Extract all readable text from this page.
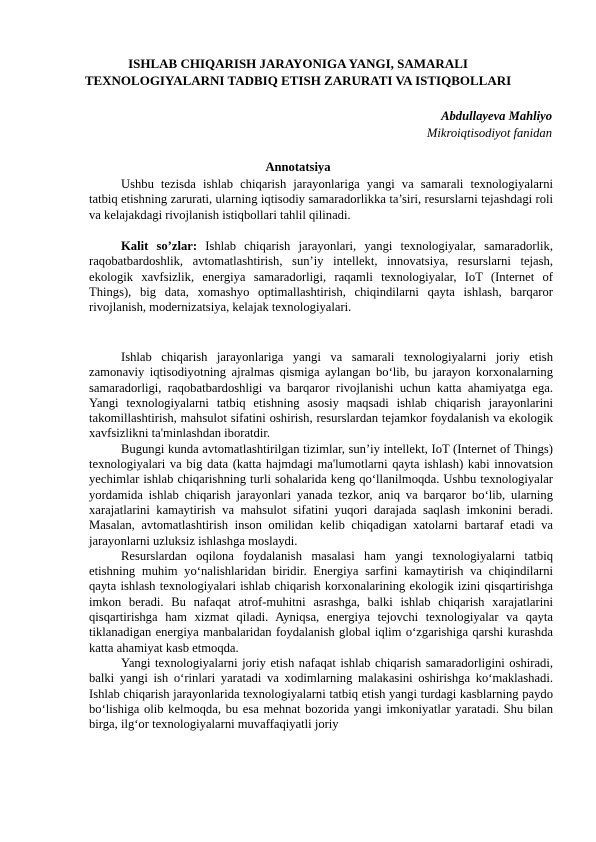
ISHLAB CHIQARISH JARAYONIGA YANGI, SAMARALI
TEXNOLOGIYALARNI TADBIQ ETISH ZARURATI VA ISTIQBOLLARI
Abdullayeva Mahliyo
Mikroiqtisodiyot fanidan
Annotatsiya

Ushbu tezisda ishlab chiqarish jarayonlariga yangi va samarali texnologiyalarni tatbiq etishning zarurati, ularning iqtisodiy samaradorlikka ta’siri, resurslarni tejashdagi roli va kelajakdagi rivojlanish istiqbollari tahlil qilinadi.

Kalit so’zlar: Ishlab chiqarish jarayonlari, yangi texnologiyalar, samaradorlik, raqobatbardoshlik, avtomatlashtirish, sun’iy intellekt, innovatsiya, resurslarni tejash, ekologik xavfsizlik, energiya samaradorligi, raqamli texnologiyalar, IoT (Internet of Things), big data, xomashyo optimallashtirish, chiqindilarni qayta ishlash, barqaror rivojlanish, modernizatsiya, kelajak texnologiyalari.

Ishlab chiqarish jarayonlariga yangi va samarali texnologiyalarni joriy etish zamonaviy iqtisodiyotning ajralmas qismiga aylangan bo‘lib, bu jarayon korxonalarning samaradorligi, raqobatbardoshligi va barqaror rivojlanishi uchun katta ahamiyatga ega. Yangi texnologiyalarni tatbiq etishning asosiy maqsadi ishlab chiqarish jarayonlarini takomillashtirish, mahsulot sifatini oshirish, resurslardan tejamkor foydalanish va ekologik xavfsizlikni ta'minlashdan iboratdir.

Bugungi kunda avtomatlashtirilgan tizimlar, sun’iy intellekt, IoT (Internet of Things) texnologiyalari va big data (katta hajmdagi ma'lumotlarni qayta ishlash) kabi innovatsion yechimlar ishlab chiqarishning turli sohalarida keng qo‘llanilmoqda. Ushbu texnologiyalar yordamida ishlab chiqarish jarayonlari yanada tezkor, aniq va barqaror bo‘lib, ularning xarajatlarini kamaytirish va mahsulot sifatini yuqori darajada saqlash imkonini beradi. Masalan, avtomatlashtirish inson omilidan kelib chiqadigan xatolarni bartaraf etadi va jarayonlarni uzluksiz ishlashga moslaydi.

Resurslardan oqilona foydalanish masalasi ham yangi texnologiyalarni tatbiq etishning muhim yo‘nalishlaridan biridir. Energiya sarfini kamaytirish va chiqindilarni qayta ishlash texnologiyalari ishlab chiqarish korxonalarining ekologik izini qisqartirishga imkon beradi. Bu nafaqat atrof-muhitni asrashga, balki ishlab chiqarish xarajatlarini qisqartirishga ham xizmat qiladi. Ayniqsa, energiya tejovchi texnologiyalar va qayta tiklanadigan energiya manbalaridan foydalanish global iqlim o‘zgarishiga qarshi kurashda katta ahamiyat kasb etmoqda.

Yangi texnologiyalarni joriy etish nafaqat ishlab chiqarish samaradorligini oshiradi, balki yangi ish o‘rinlari yaratadi va xodimlarning malakasini oshirishga ko‘maklashadi. Ishlab chiqarish jarayonlarida texnologiyalarni tatbiq etish yangi turdagi kasblarning paydo bo‘lishiga olib kelmoqda, bu esa mehnat bozorida yangi imkoniyatlar yaratadi. Shu bilan birga, ilg‘or texnologiyalarni muvaffaqiyatli joriy
